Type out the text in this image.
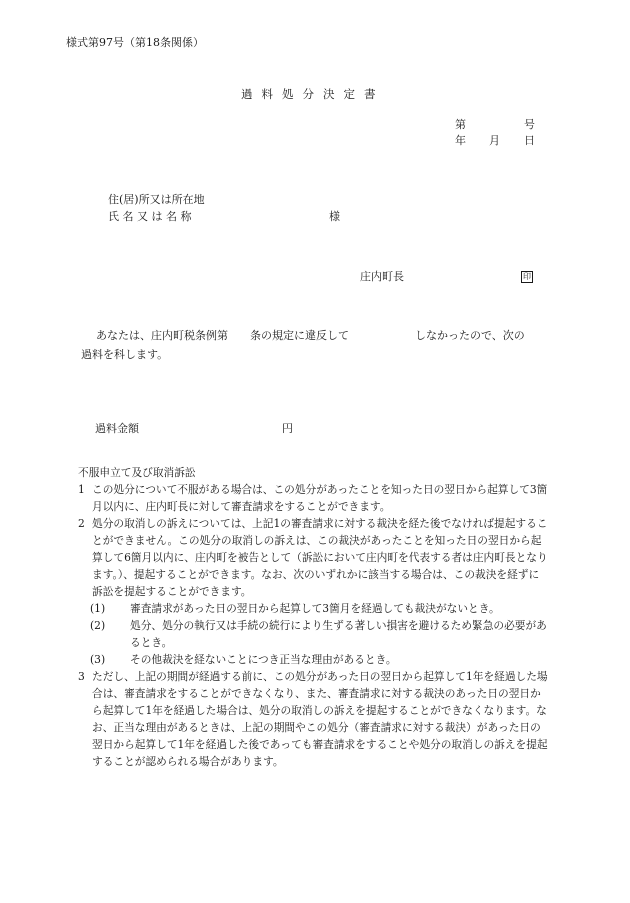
様式第97号（第18条関係）
過料処分決定書
第	号
年 月 日
住(居)所又は所在地
氏 名 又 は 名 称	様
庄内町長	印
あなたは、庄内町税条例第　　条の規定に違反して　　　　　　しなかったので、次の
過料を科します。
過料金額	円
不服申立て及び取消訴訟
1 この処分について不服がある場合は、この処分があったことを知った日の翌日から起算して3箇月以内に、庄内町長に対して審査請求をすることができます。
2 処分の取消しの訴えについては、上記1の審査請求に対する裁決を経た後でなければ提起することができません。この処分の取消しの訴えは、この裁決があったことを知った日の翌日から起算して6箇月以内に、庄内町を被告として（訴訟において庄内町を代表する者は庄内町長となります。）、提起することができます。なお、次のいずれかに該当する場合は、この裁決を経ずに訴訟を提起することができます。
(1) 審査請求があった日の翌日から起算して3箇月を経過しても裁決がないとき。
(2) 処分、処分の執行又は手続の続行により生ずる著しい損害を避けるため緊急の必要があるとき。
(3) その他裁決を経ないことにつき正当な理由があるとき。
3 ただし、上記の期間が経過する前に、この処分があった日の翌日から起算して1年を経過した場合は、審査請求をすることができなくなり、また、審査請求に対する裁決のあった日の翌日から起算して1年を経過した場合は、処分の取消しの訴えを提起することができなくなります。なお、正当な理由があるときは、上記の期間やこの処分（審査請求に対する裁決）があった日の翌日から起算して1年を経過した後であっても審査請求をすることや処分の取消しの訴えを提起することが認められる場合があります。
